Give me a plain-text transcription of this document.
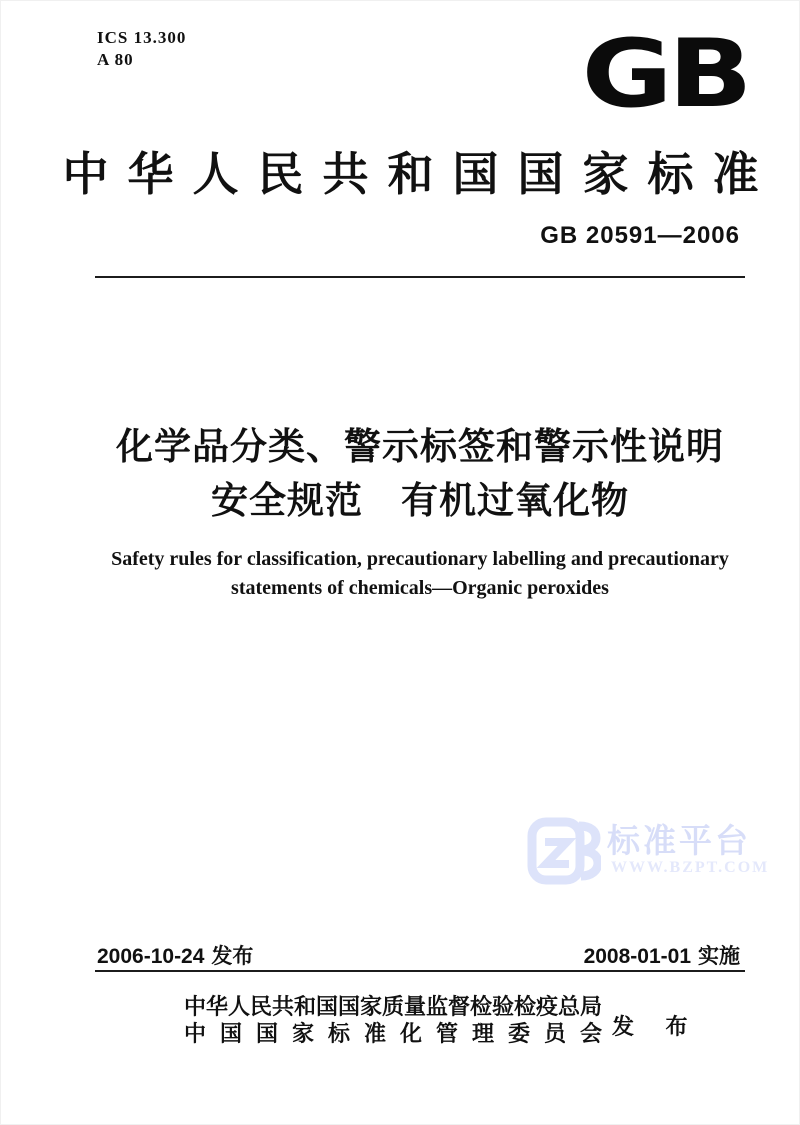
ICS 13.300
A 80	GB
中华人民共和国国家标准
GB 20591—2006
化学品分类、警示标签和警示性说明
安全规范　有机过氧化物
Safety rules for classification, precautionary labelling and precautionary
statements of chemicals—Organic peroxides
标准平台
WWW.BZPT.COM
2006-10-24 发布	2008-01-01 实施
中华人民共和国国家质量监督检验检疫总局
中国国家标准化管理委员会
发 布
